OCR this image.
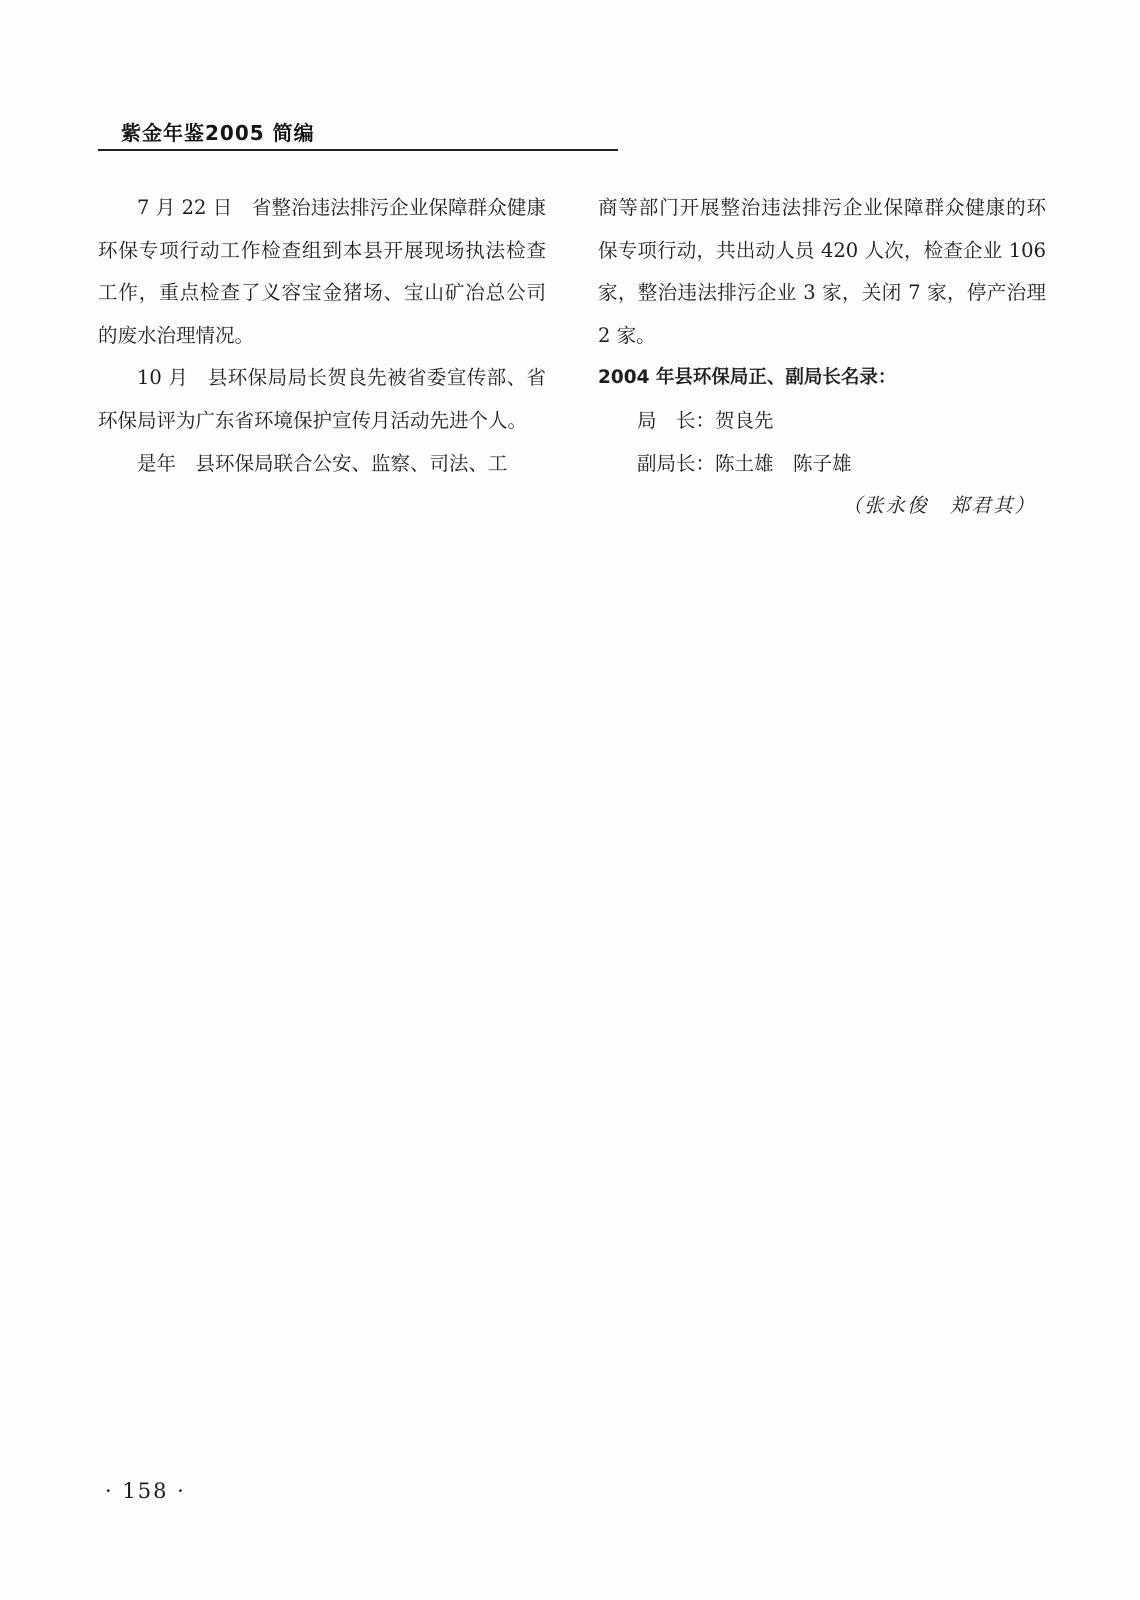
紫金年鉴2005 简编

7 月 22 日 省整治违法排污企业保障群众健康环保专项行动工作检查组到本县开展现场执法检查工作，重点检查了义容宝金猪场、宝山矿冶总公司的废水治理情况。

10 月 县环保局局长贺良先被省委宣传部、省环保局评为广东省环境保护宣传月活动先进个人。

是年 县环保局联合公安、监察、司法、工

商等部门开展整治违法排污企业保障群众健康的环保专项行动，共出动人员 420 人次，检查企业 106 家，整治违法排污企业 3 家，关闭 7 家，停产治理 2 家。

2004 年县环保局正、副局长名录：

局　长：贺良先

副局长：陈土雄 陈子雄

（张永俊　郑君其）

· 158 ·
